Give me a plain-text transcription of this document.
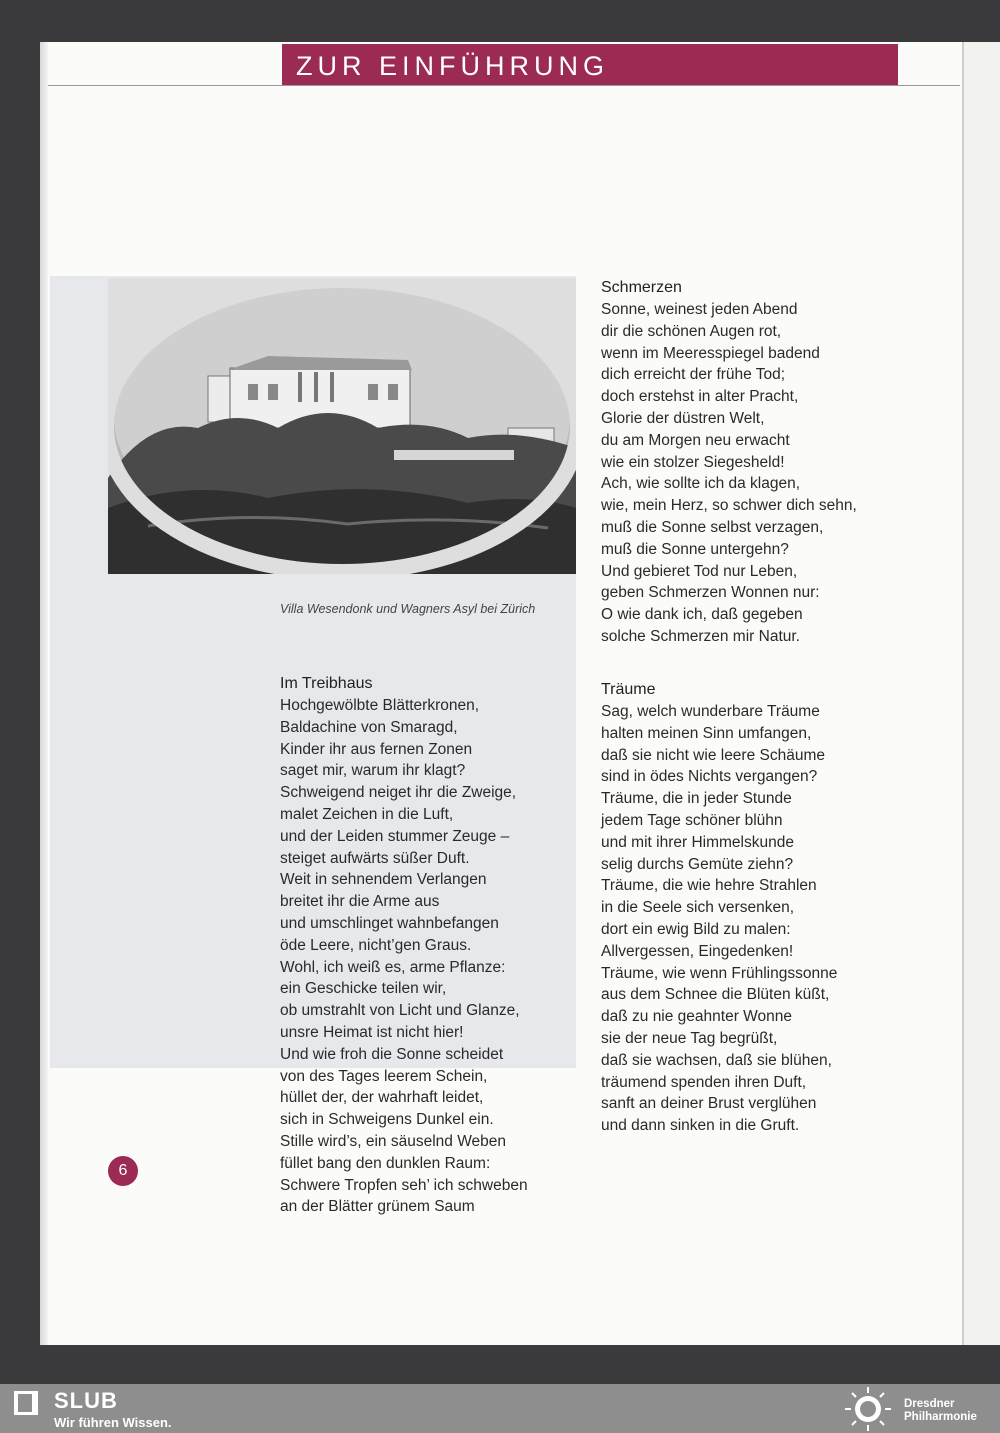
ZUR EINFÜHRUNG
Villa Wesendonk und Wagners Asyl bei Zürich
Im Treibhaus
Hochgewölbte Blätterkronen,
Baldachine von Smaragd,
Kinder ihr aus fernen Zonen
saget mir, warum ihr klagt?
Schweigend neiget ihr die Zweige,
malet Zeichen in die Luft,
und der Leiden stummer Zeuge –
steiget aufwärts süßer Duft.
Weit in sehnendem Verlangen
breitet ihr die Arme aus
und umschlinget wahnbefangen
öde Leere, nicht’gen Graus.
Wohl, ich weiß es, arme Pflanze:
ein Geschicke teilen wir,
ob umstrahlt von Licht und Glanze,
unsre Heimat ist nicht hier!
Und wie froh die Sonne scheidet
von des Tages leerem Schein,
hüllet der, der wahrhaft leidet,
sich in Schweigens Dunkel ein.
Stille wird’s, ein säuselnd Weben
füllet bang den dunklen Raum:
Schwere Tropfen seh’ ich schweben
an der Blätter grünem Saum
Schmerzen
Sonne, weinest jeden Abend
dir die schönen Augen rot,
wenn im Meeresspiegel badend
dich erreicht der frühe Tod;
doch erstehst in alter Pracht,
Glorie der düstren Welt,
du am Morgen neu erwacht
wie ein stolzer Siegesheld!
Ach, wie sollte ich da klagen,
wie, mein Herz, so schwer dich sehn,
muß die Sonne selbst verzagen,
muß die Sonne untergehn?
Und gebieret Tod nur Leben,
geben Schmerzen Wonnen nur:
O wie dank ich, daß gegeben
solche Schmerzen mir Natur.
Träume
Sag, welch wunderbare Träume
halten meinen Sinn umfangen,
daß sie nicht wie leere Schäume
sind in ödes Nichts vergangen?
Träume, die in jeder Stunde
jedem Tage schöner blühn
und mit ihrer Himmelskunde
selig durchs Gemüte ziehn?
Träume, die wie hehre Strahlen
in die Seele sich versenken,
dort ein ewig Bild zu malen:
Allvergessen, Eingedenken!
Träume, wie wenn Frühlingssonne
aus dem Schnee die Blüten küßt,
daß zu nie geahnter Wonne
sie der neue Tag begrüßt,
daß sie wachsen, daß sie blühen,
träumend spenden ihren Duft,
sanft an deiner Brust verglühen
und dann sinken in die Gruft.
6
SLUB
Wir führen Wissen.
Dresdner
Philharmonie
